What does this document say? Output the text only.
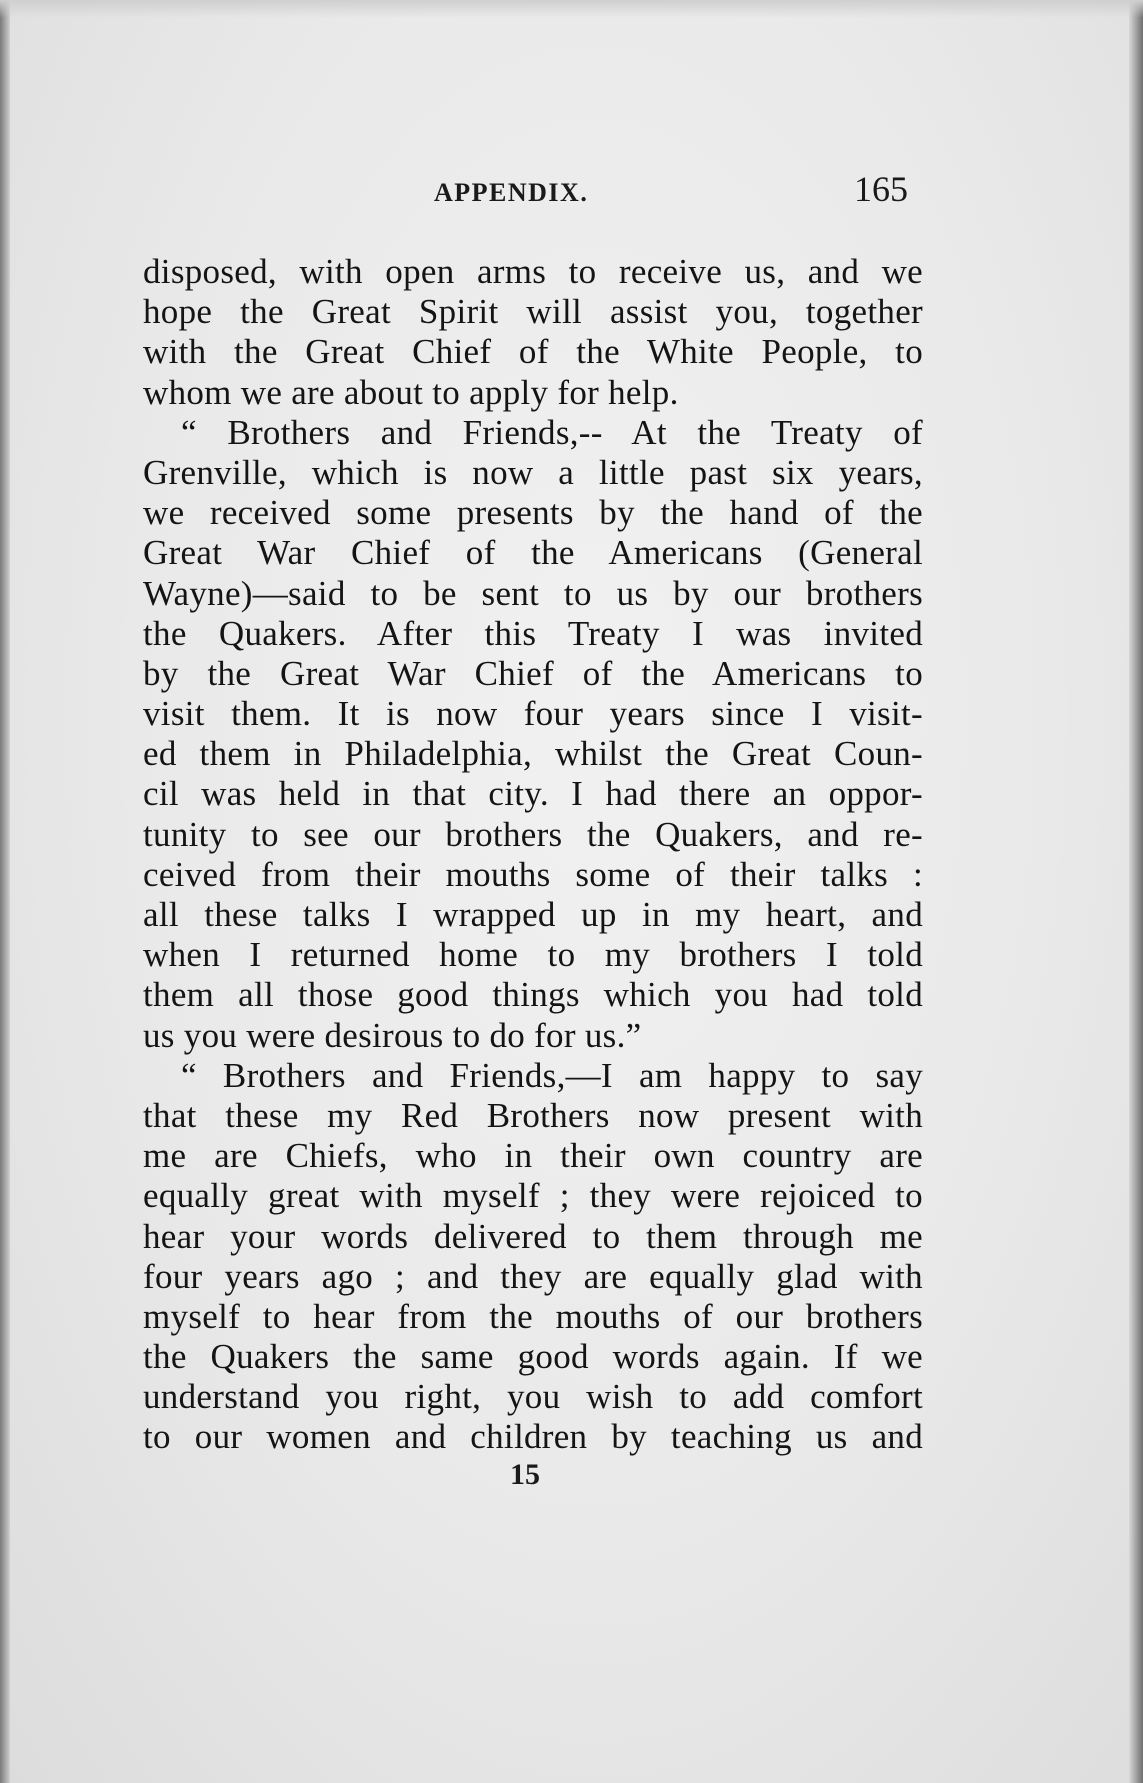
APPENDIX.	165
disposed, with open arms to receive us, and we
hope the Great Spirit will assist you, together
with the Great Chief of the White People, to
whom we are about to apply for help.
“ Brothers and Friends,-- At the Treaty of
Grenville, which is now a little past six years,
we received some presents by the hand of the
Great War Chief of the Americans (General
Wayne)—said to be sent to us by our brothers
the Quakers. After this Treaty I was invited
by the Great War Chief of the Americans to
visit them. It is now four years since I visit-
ed them in Philadelphia, whilst the Great Coun-
cil was held in that city. I had there an oppor-
tunity to see our brothers the Quakers, and re-
ceived from their mouths some of their talks :
all these talks I wrapped up in my heart, and
when I returned home to my brothers I told
them all those good things which you had told
us you were desirous to do for us.”
“ Brothers and Friends,—I am happy to say
that these my Red Brothers now present with
me are Chiefs, who in their own country are
equally great with myself ; they were rejoiced to
hear your words delivered to them through me
four years ago ; and they are equally glad with
myself to hear from the mouths of our brothers
the Quakers the same good words again. If we
understand you right, you wish to add comfort
to our women and children by teaching us and
15
